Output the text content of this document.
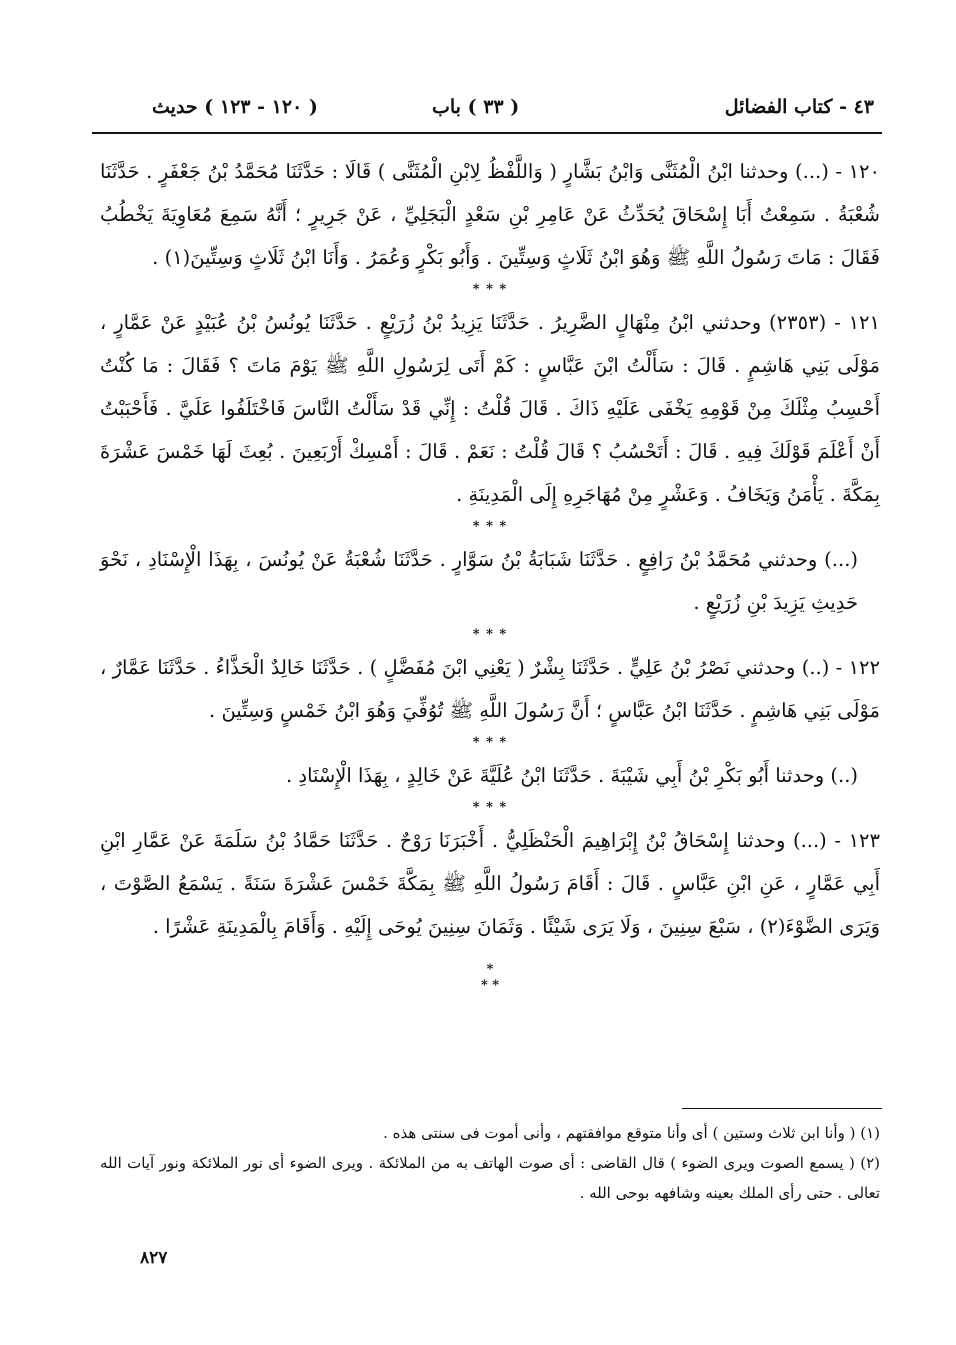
٤٣ - كتاب الفضائل
( ٣٣ ) باب
( ١٢٠ - ١٢٣ ) حديث

١٢٠ - (...) وحدثنا ابْنُ الْمُثَنَّى وَابْنُ بَشَّارٍ ( وَاللَّفْظُ لِابْنِ الْمُثَنَّى ) قَالَا : حَدَّثَنَا مُحَمَّدُ بْنُ جَعْفَرٍ . حَدَّثَنَا شُعْبَةُ . سَمِعْتُ أَبَا إِسْحَاقَ يُحَدِّثُ عَنْ عَامِرِ بْنِ سَعْدٍ الْبَجَلِيِّ ، عَنْ جَرِيرٍ ؛ أَنَّهُ سَمِعَ مُعَاوِيَةَ يَخْطُبُ فَقَالَ : مَاتَ رَسُولُ اللَّهِ ﷺ وَهُوَ ابْنُ ثَلَاثٍ وَسِتِّينَ . وَأَبُو بَكْرٍ وَعُمَرُ . وَأَنَا ابْنُ ثَلَاثٍ وَسِتِّينَ(١) .

* * *

١٢١ - (٢٣٥٣) وحدثني ابْنُ مِنْهَالٍ الضَّرِيرُ . حَدَّثَنَا يَزِيدُ بْنُ زُرَيْعٍ . حَدَّثَنَا يُونُسُ بْنُ عُبَيْدٍ عَنْ عَمَّارٍ ، مَوْلَى بَنِي هَاشِمٍ . قَالَ : سَأَلْتُ ابْنَ عَبَّاسٍ : كَمْ أَتَى لِرَسُولِ اللَّهِ ﷺ يَوْمَ مَاتَ ؟ فَقَالَ : مَا كُنْتُ أَحْسِبُ مِثْلَكَ مِنْ قَوْمِهِ يَخْفَى عَلَيْهِ ذَاكَ . قَالَ قُلْتُ : إِنِّي قَدْ سَأَلْتُ النَّاسَ فَاخْتَلَفُوا عَلَيَّ . فَأَحْبَبْتُ أَنْ أَعْلَمَ قَوْلَكَ فِيهِ . قَالَ : أَتَحْسُبُ ؟ قَالَ قُلْتُ : نَعَمْ . قَالَ : أَمْسِكْ أَرْبَعِينَ . بُعِثَ لَهَا خَمْسَ عَشْرَةَ بِمَكَّةَ . يَأْمَنُ وَيَخَافُ . وَعَشْرٍ مِنْ مُهَاجَرِهِ إِلَى الْمَدِينَةِ .

* * *

(...) وحدثني مُحَمَّدُ بْنُ رَافِعٍ . حَدَّثَنَا شَبَابَةُ بْنُ سَوَّارٍ . حَدَّثَنَا شُعْبَةُ عَنْ يُونُسَ ، بِهَذَا الْإِسْنَادِ ، نَحْوَ حَدِيثِ يَزِيدَ بْنِ زُرَيْعٍ .

* * *

١٢٢ - (..) وحدثني نَصْرُ بْنُ عَلِيٍّ . حَدَّثَنَا بِشْرٌ ( يَعْنِي ابْنَ مُفَضَّلٍ ) . حَدَّثَنَا خَالِدٌ الْحَذَّاءُ . حَدَّثَنَا عَمَّارٌ ، مَوْلَى بَنِي هَاشِمٍ . حَدَّثَنَا ابْنُ عَبَّاسٍ ؛ أَنَّ رَسُولَ اللَّهِ ﷺ تُوُفِّيَ وَهُوَ ابْنُ خَمْسٍ وَسِتِّينَ .

* * *

(..) وحدثنا أَبُو بَكْرِ بْنُ أَبِي شَيْبَةَ . حَدَّثَنَا ابْنُ عُلَيَّةَ عَنْ خَالِدٍ ، بِهَذَا الْإِسْنَادِ .

* * *

١٢٣ - (...) وحدثنا إِسْحَاقُ بْنُ إِبْرَاهِيمَ الْحَنْظَلِيُّ . أَخْبَرَنَا رَوْحٌ . حَدَّثَنَا حَمَّادُ بْنُ سَلَمَةَ عَنْ عَمَّارِ ابْنِ أَبِي عَمَّارٍ ، عَنِ ابْنِ عَبَّاسٍ . قَالَ : أَقَامَ رَسُولُ اللَّهِ ﷺ بِمَكَّةَ خَمْسَ عَشْرَةَ سَنَةً . يَسْمَعُ الصَّوْتَ ، وَيَرَى الضَّوْءَ(٢) ، سَبْعَ سِنِينَ ، وَلَا يَرَى شَيْئًا . وَثَمَانَ سِنِينَ يُوحَى إِلَيْهِ . وَأَقَامَ بِالْمَدِينَةِ عَشْرًا .

*
* *

(١) ( وأنا ابن ثلاث وستين ) أى وأنا متوقع موافقتهم ، وأنى أموت فى سنتى هذه .

(٢) ( يسمع الصوت ويرى الضوء ) قال القاضى : أى صوت الهاتف به من الملائكة . ويرى الضوء أى نور الملائكة ونور آيات الله تعالى . حتى رأى الملك بعينه وشافهه بوحى الله .

٨٢٧
